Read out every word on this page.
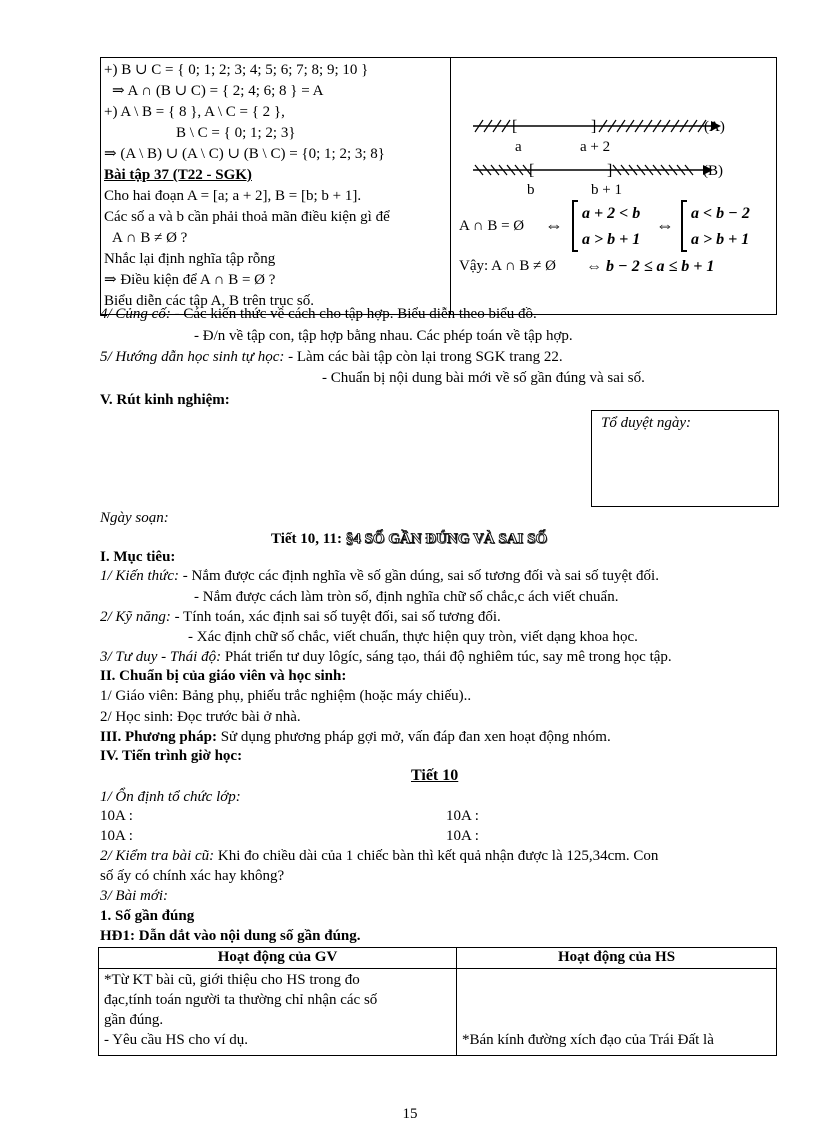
+) B ∪ C = { 0; 1; 2; 3; 4; 5; 6; 7; 8; 9; 10 }
⇒ A ∩ (B ∪ C) = { 2; 4; 6; 8 } = A
+) A \ B = { 8 }, A \ C = { 2 },
B \ C = { 0; 1; 2; 3}
⇒ (A \ B) ∪ (A \ C) ∪ (B \ C) = {0; 1; 2; 3; 8}
Bài tập 37 (T22 - SGK)
Cho hai đoạn A = [a; a + 2], B = [b; b + 1].
Các số a và b cần phải thoả mãn điều kiện gì để
A ∩ B ≠ Ø ?
Nhắc lại định nghĩa tập rỗng
⇒ Điều kiện để A ∩ B = Ø ?
Biểu diễn các tập A, B trên trục số.

[	]	(A)
a	a + 2
[	]	(B)
b	b + 1
A ∩ B = Ø ⇔
a + 2 < b
a > b + 1
⇔
a < b − 2
a > b + 1
Vậy: A ∩ B ≠ Ø ⇔ b − 2 ≤ a ≤ b + 1
4/ Củng cố: - Các kiến thức về cách cho tập hợp. Biểu diễn theo biểu đồ.
- Đ/n về tập con, tập hợp bằng nhau. Các phép toán về tập hợp.
5/ Hướng dẫn học sinh tự học: - Làm các bài tập còn lại trong SGK trang 22.
- Chuẩn bị nội dung bài mới về số gần đúng và sai số.
V. Rút kinh nghiệm:
Tổ duyệt ngày:
Ngày soạn:
Tiết 10, 11: §4 SỐ GẦN ĐÚNG VÀ SAI SỐ
I. Mục tiêu:
1/ Kiến thức: - Nắm được các định nghĩa về số gần dúng, sai số tương đối và sai số tuyệt đối.
- Nắm được cách làm tròn số, định nghĩa chữ số chắc,c ách viết chuẩn.
2/ Kỹ năng: - Tính toán, xác định sai số tuyệt đối, sai số tương đối.
- Xác định chữ số chắc, viết chuẩn, thực hiện quy tròn, viết dạng khoa học.
3/ Tư duy - Thái độ: Phát triển tư duy lôgíc, sáng tạo, thái độ nghiêm túc, say mê trong học tập.
II. Chuẩn bị của giáo viên và học sinh:
1/ Giáo viên: Bảng phụ, phiếu trắc nghiệm (hoặc máy chiếu)..
2/ Học sinh: Đọc trước bài ở nhà.
III. Phương pháp: Sử dụng phương pháp gợi mở, vấn đáp đan xen hoạt động nhóm.
IV. Tiến trình giờ học:
Tiết 10
1/ Ổn định tổ chức lớp:
10A :	10A :
10A :	10A :
2/ Kiểm tra bài cũ: Khi đo chiều dài của 1 chiếc bàn thì kết quả nhận được là 125,34cm. Con
số ấy có chính xác hay không?
3/ Bài mới:
1. Số gần đúng
HĐ1: Dẫn dắt vào nội dung số gần đúng.
Hoạt động của GV	Hoạt động của HS

*Từ KT bài cũ, giới thiệu cho HS trong đo
đạc,tính toán người ta thường chỉ nhận các số
gần đúng.
- Yêu cầu HS cho ví dụ.	*Bán kính đường xích đạo của Trái Đất là
15
